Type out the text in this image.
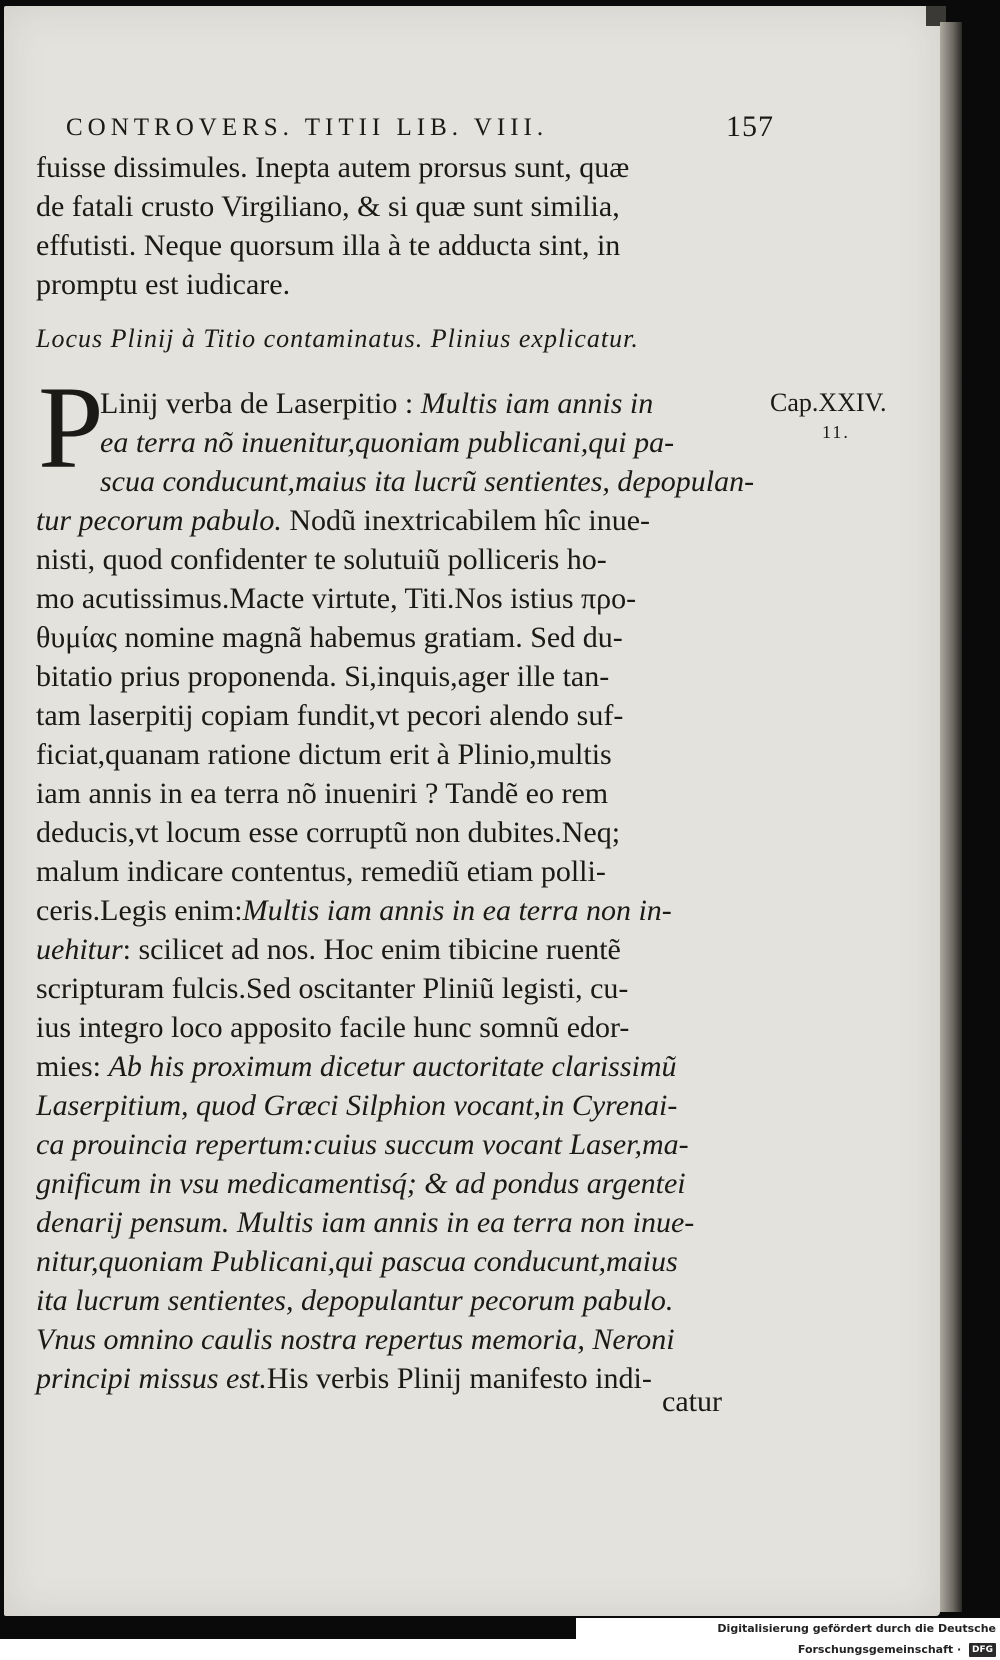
CONTROVERS. TITII LIB. VIII.	157
fuisse dissimules. Inepta autem prorsus sunt, quæ
de fatali crusto Virgiliano, & si quæ sunt similia,
effutisti. Neque quorsum illa à te adducta sint, in
promptu est iudicare.
Locus Plinij à Titio contaminatus. Plinius explicatur.
Cap.XXIV.
11.
P
Linij verba de Laserpitio : Multis iam annis in
ea terra nõ inuenitur,quoniam publicani,qui pa-
scua conducunt,maius ita lucrũ sentientes, depopulan-
tur pecorum pabulo. Nodũ inextricabilem hîc inue-
nisti, quod confidenter te solutuiũ polliceris ho-
mo acutissimus.Macte virtute, Titi.Nos istius προ-
θυμίας nomine magnã habemus gratiam. Sed du-
bitatio prius proponenda. Si,inquis,ager ille tan-
tam laserpitij copiam fundit,vt pecori alendo suf-
ficiat,quanam ratione dictum erit à Plinio,multis
iam annis in ea terra nõ inueniri ? Tandẽ eo rem
deducis,vt locum esse corruptũ non dubites.Neq;
malum indicare contentus, remediũ etiam polli-
ceris.Legis enim:Multis iam annis in ea terra non in-
uehitur: scilicet ad nos. Hoc enim tibicine ruentẽ
scripturam fulcis.Sed oscitanter Pliniũ legisti, cu-
ius integro loco apposito facile hunc somnũ edor-
mies: Ab his proximum dicetur auctoritate clarissimũ
Laserpitium, quod Græci Silphion vocant,in Cyrenai-
ca prouincia repertum:cuius succum vocant Laser,ma-
gnificum in vsu medicamentisq́; & ad pondus argentei
denarij pensum. Multis iam annis in ea terra non inue-
nitur,quoniam Publicani,qui pascua conducunt,maius
ita lucrum sentientes, depopulantur pecorum pabulo.
Vnus omnino caulis nostra repertus memoria, Neroni
principi missus est.His verbis Plinij manifesto indi-
catur
Digitalisierung gefördert durch die Deutsche Forschungsgemeinschaft · DFG
